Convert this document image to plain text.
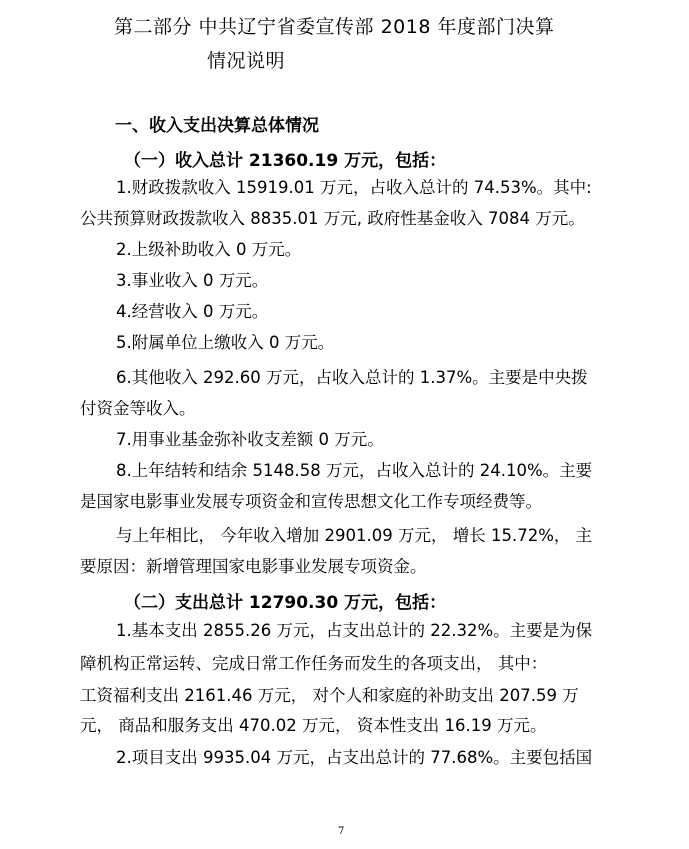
第二部分 中共辽宁省委宣传部 2018 年度部门决算
情况说明
一、收入支出决算总体情况
（一）收入总计 21360.19 万元，包括：
1.财政拨款收入 15919.01 万元，占收入总计的 74.53%。其中:
公共预算财政拨款收入 8835.01 万元, 政府性基金收入 7084 万元。
2.上级补助收入 0 万元。
3.事业收入 0 万元。
4.经营收入 0 万元。
5.附属单位上缴收入 0 万元。
6.其他收入 292.60 万元，占收入总计的 1.37%。主要是中央拨
付资金等收入。
7.用事业基金弥补收支差额 0 万元。
8.上年结转和结余 5148.58 万元，占收入总计的 24.10%。主要
是国家电影事业发展专项资金和宣传思想文化工作专项经费等。
与上年相比， 今年收入增加 2901.09 万元， 增长 15.72%， 主
要原因：新增管理国家电影事业发展专项资金。
（二）支出总计 12790.30 万元，包括：
1.基本支出 2855.26 万元，占支出总计的 22.32%。主要是为保
障机构正常运转、完成日常工作任务而发生的各项支出， 其中：
工资福利支出 2161.46 万元， 对个人和家庭的补助支出 207.59 万
元， 商品和服务支出 470.02 万元， 资本性支出 16.19 万元。
2.项目支出 9935.04 万元，占支出总计的 77.68%。主要包括国
7
